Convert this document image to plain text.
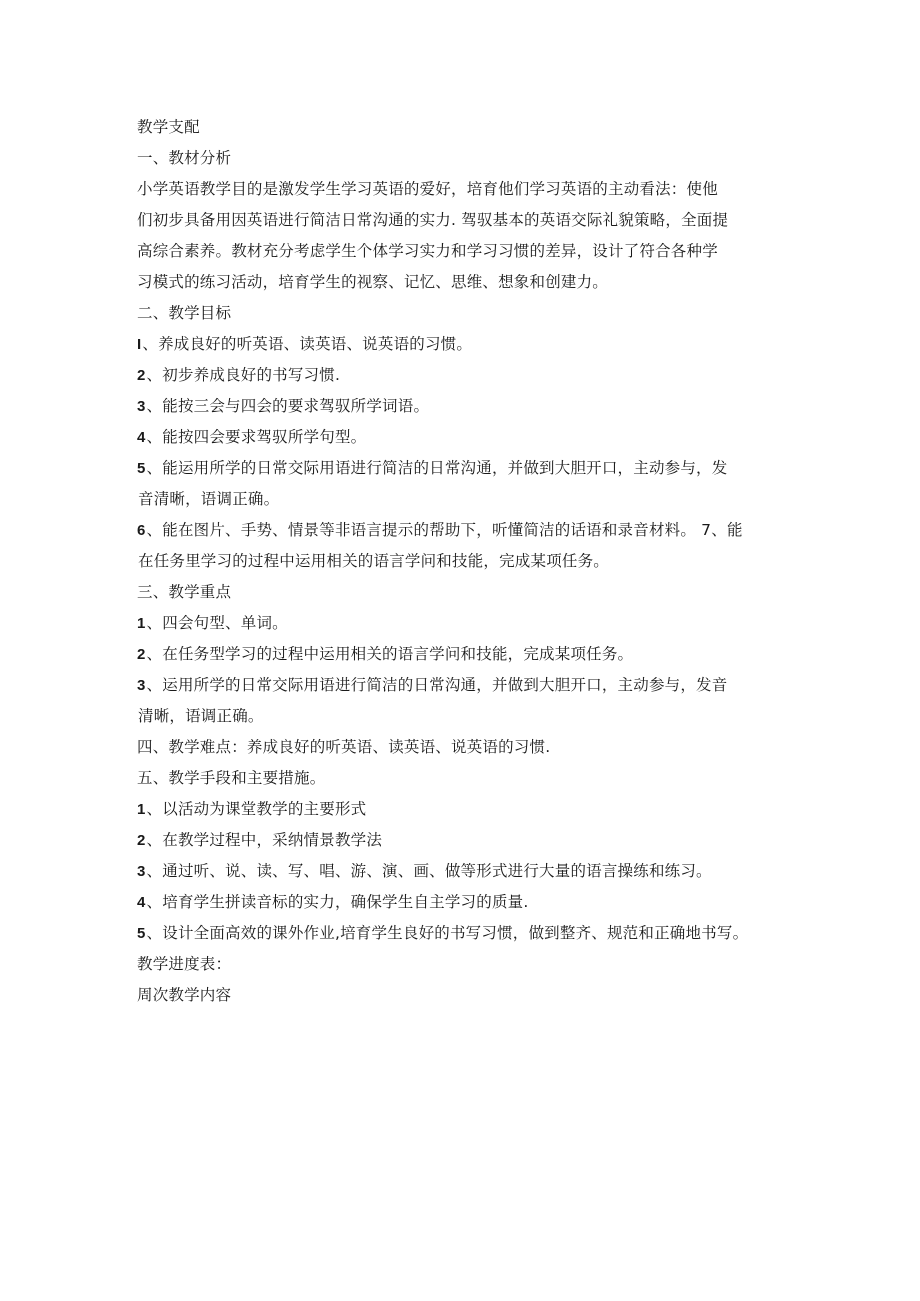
教学支配
一、教材分析
小学英语教学目的是激发学生学习英语的爱好，培育他们学习英语的主动看法：使他
们初步具备用因英语进行简洁日常沟通的实力. 驾驭基本的英语交际礼貌策略，全面提
高综合素养。教材充分考虑学生个体学习实力和学习习惯的差异，设计了符合各种学
习模式的练习活动，培育学生的视察、记忆、思维、想象和创建力。
二、教学目标
I、养成良好的听英语、读英语、说英语的习惯。
2、初步养成良好的书写习惯.
3、能按三会与四会的要求驾驭所学词语。
4、能按四会要求驾驭所学句型。
5、能运用所学的日常交际用语进行简洁的日常沟通，并做到大胆开口，主动参与，发
音清晰，语调正确。
6、能在图片、手势、情景等非语言提示的帮助下，听懂简洁的话语和录音材料。 7、能
在任务里学习的过程中运用相关的语言学问和技能，完成某项任务。
三、教学重点
1、四会句型、单词。
2、在任务型学习的过程中运用相关的语言学问和技能，完成某项任务。
3、运用所学的日常交际用语进行简洁的日常沟通，并做到大胆开口，主动参与，发音
清晰，语调正确。
四、教学难点：养成良好的听英语、读英语、说英语的习惯.
五、教学手段和主要措施。
1、以活动为课堂教学的主要形式
2、在教学过程中，采纳情景教学法
3、通过听、说、读、写、唱、游、演、画、做等形式进行大量的语言操练和练习。
4、培育学生拼读音标的实力，确保学生自主学习的质量.
5、设计全面高效的课外作业,培育学生良好的书写习惯，做到整齐、规范和正确地书写。
教学进度表：
周次教学内容
